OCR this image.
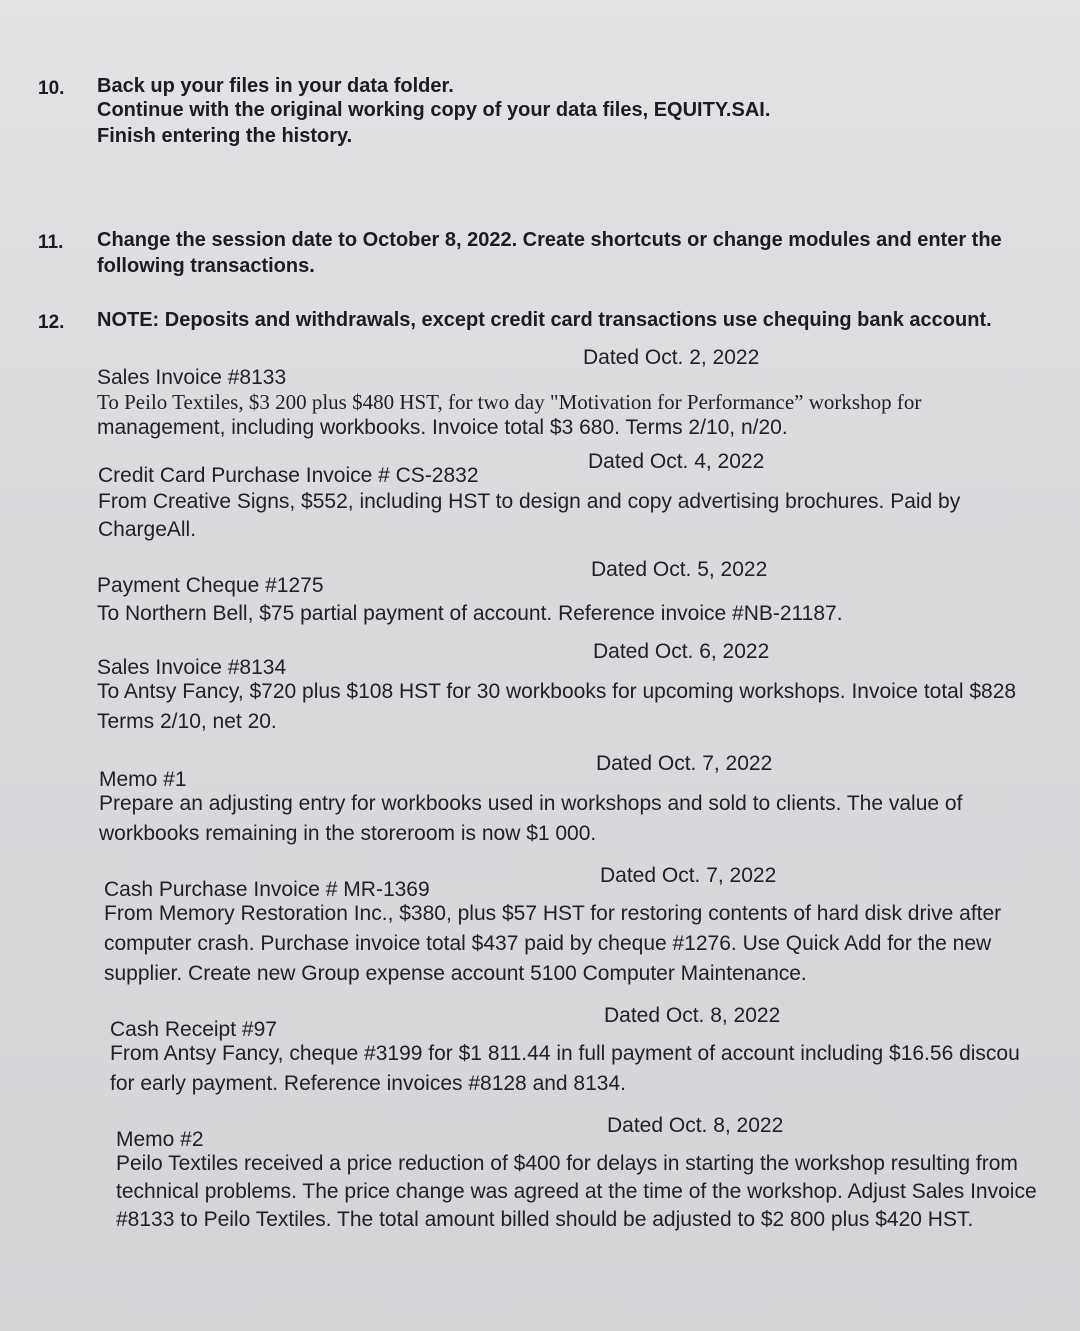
10. Back up your files in your data folder.
Continue with the original working copy of your data files, EQUITY.SAI.
Finish entering the history.
11. Change the session date to October 8, 2022. Create shortcuts or change modules and enter the
following transactions.
12. NOTE: Deposits and withdrawals, except credit card transactions use chequing bank account.
Dated Oct. 2, 2022
Sales Invoice #8133
To Peilo Textiles, $3 200 plus $480 HST, for two day "Motivation for Performance” workshop for
management, including workbooks. Invoice total $3 680. Terms 2/10, n/20.
Dated Oct. 4, 2022
Credit Card Purchase Invoice # CS-2832
From Creative Signs, $552, including HST to design and copy advertising brochures. Paid by
ChargeAll.
Dated Oct. 5, 2022
Payment Cheque #1275
To Northern Bell, $75 partial payment of account. Reference invoice #NB-21187.
Dated Oct. 6, 2022
Sales Invoice #8134
To Antsy Fancy, $720 plus $108 HST for 30 workbooks for upcoming workshops. Invoice total $828
Terms 2/10, net 20.
Dated Oct. 7, 2022
Memo #1
Prepare an adjusting entry for workbooks used in workshops and sold to clients. The value of
workbooks remaining in the storeroom is now $1 000.
Dated Oct. 7, 2022
Cash Purchase Invoice # MR-1369
From Memory Restoration Inc., $380, plus $57 HST for restoring contents of hard disk drive after
computer crash. Purchase invoice total $437 paid by cheque #1276. Use Quick Add for the new
supplier. Create new Group expense account 5100 Computer Maintenance.
Dated Oct. 8, 2022
Cash Receipt #97
From Antsy Fancy, cheque #3199 for $1 811.44 in full payment of account including $16.56 discou
for early payment. Reference invoices #8128 and 8134.
Dated Oct. 8, 2022
Memo #2
Peilo Textiles received a price reduction of $400 for delays in starting the workshop resulting from
technical problems. The price change was agreed at the time of the workshop. Adjust Sales Invoice
#8133 to Peilo Textiles. The total amount billed should be adjusted to $2 800 plus $420 HST.
